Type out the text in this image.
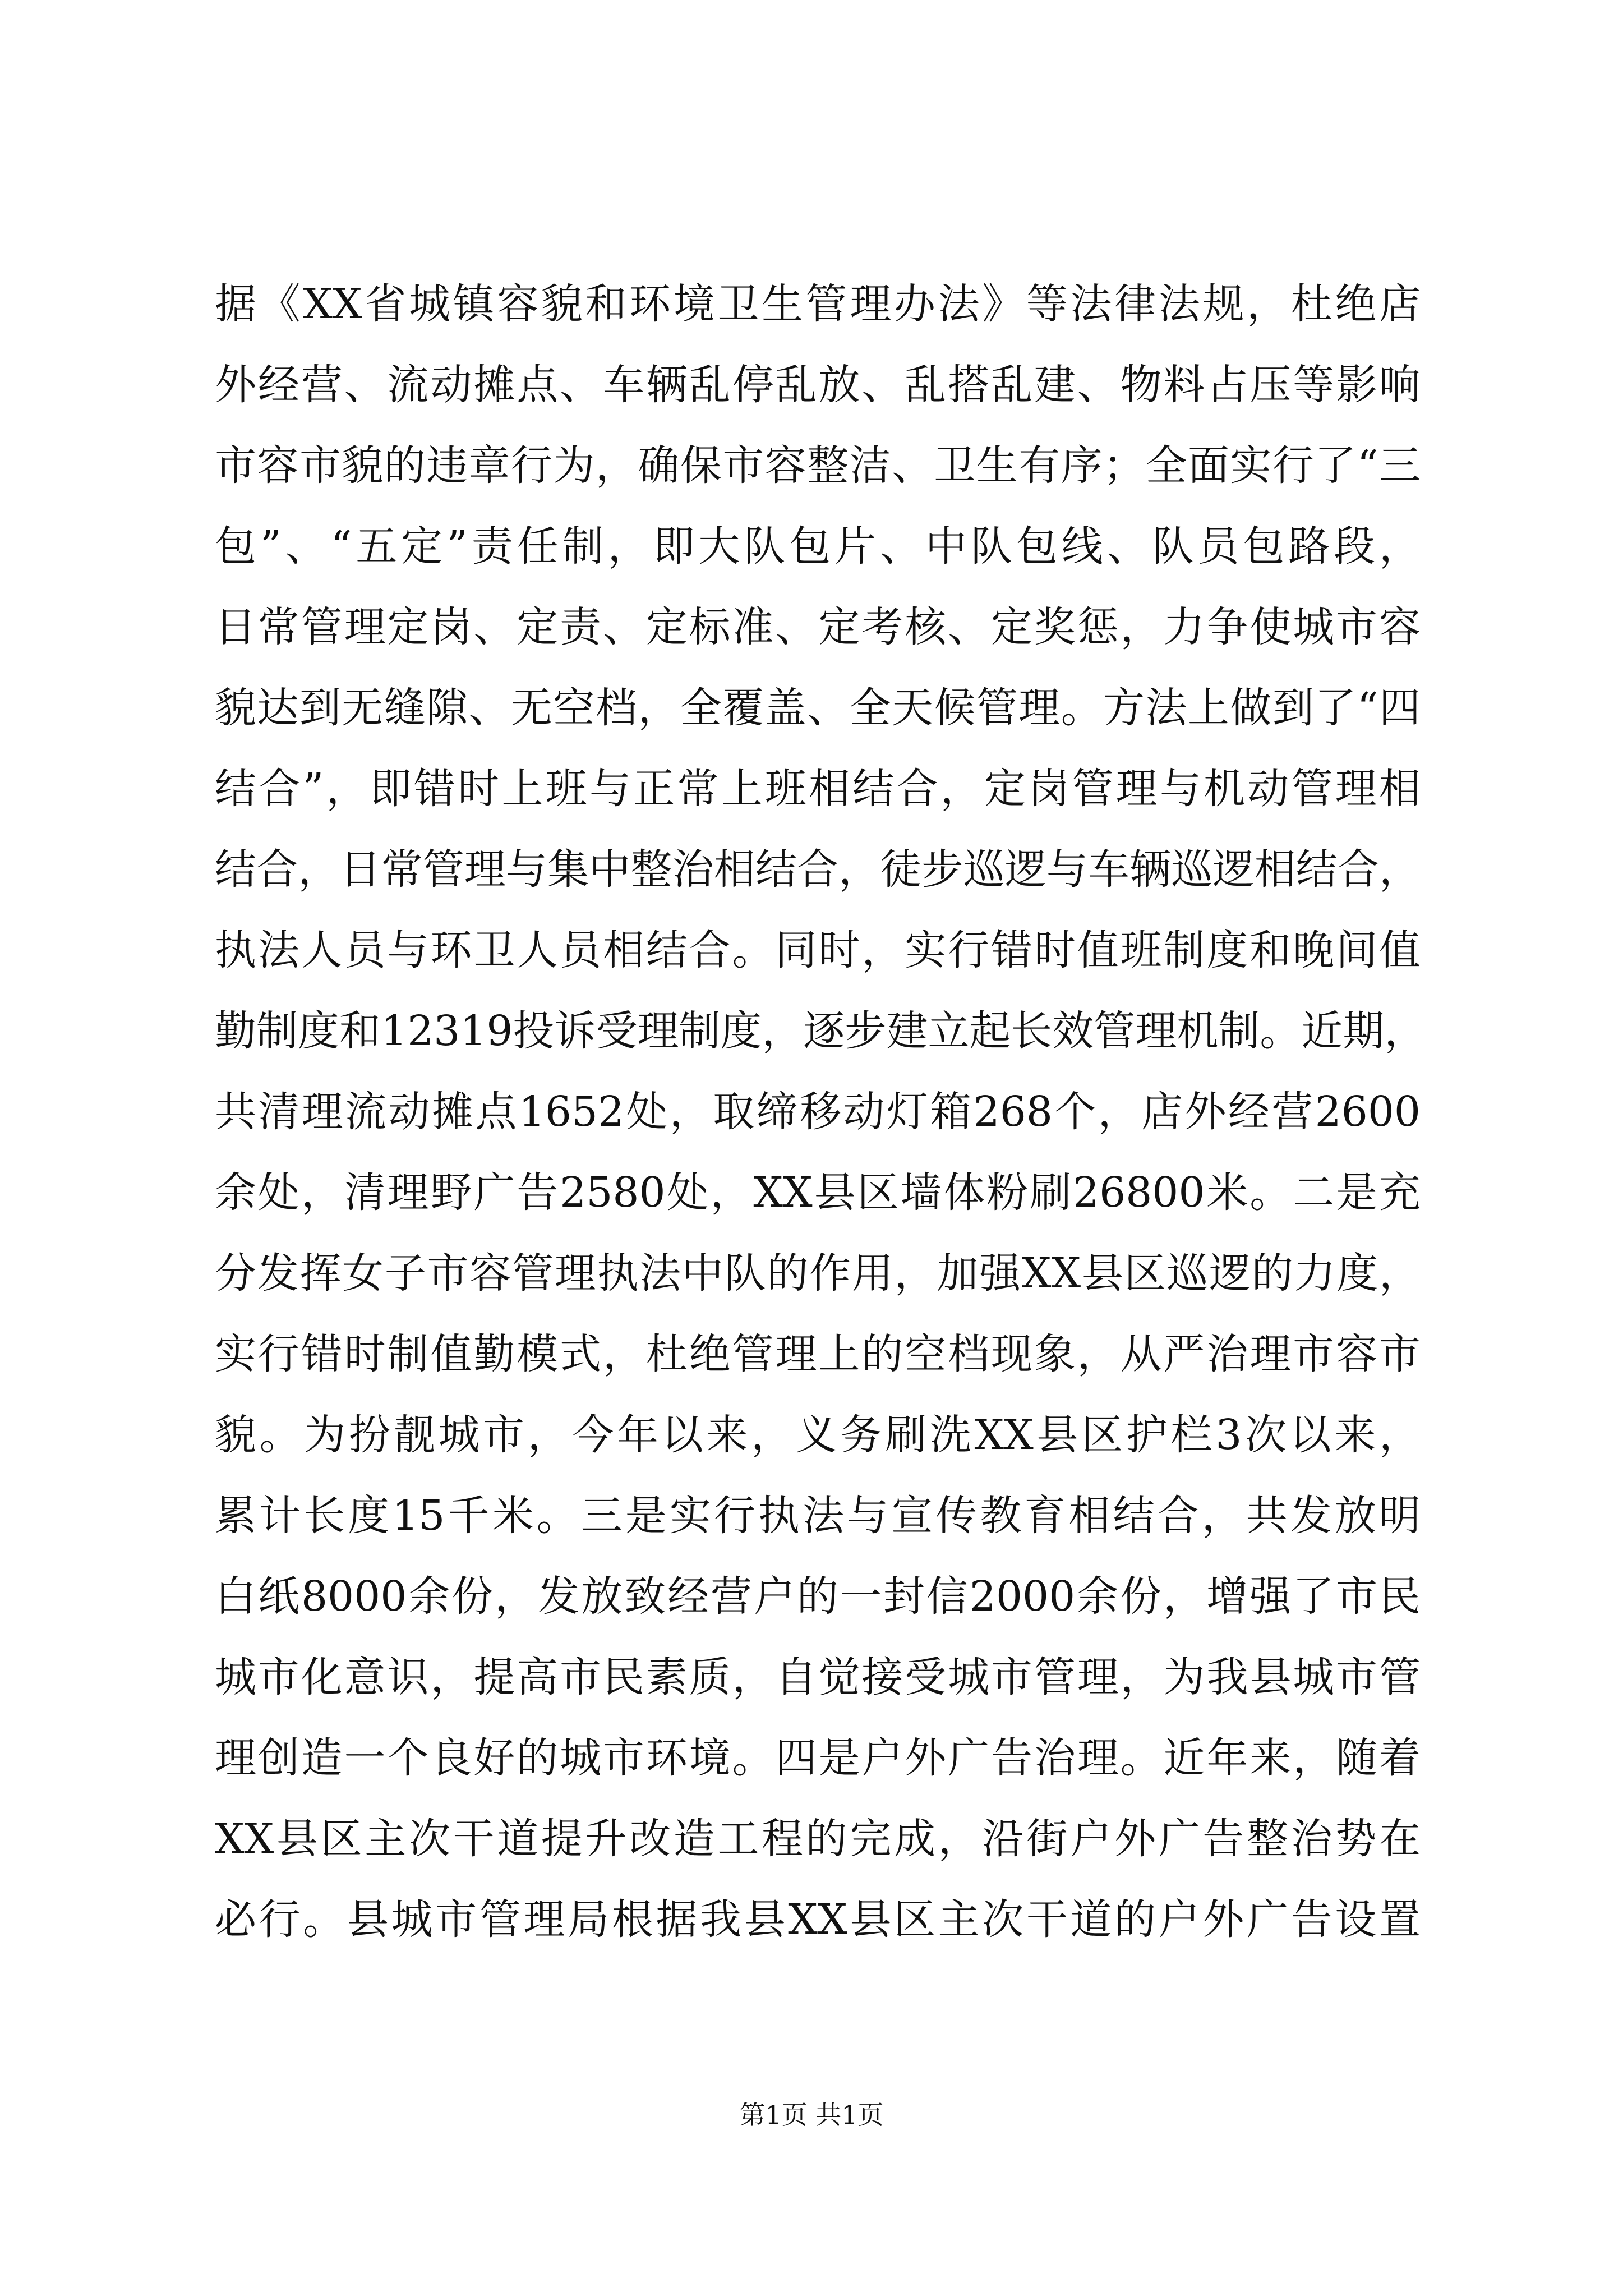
据《XX省城镇容貌和环境卫生管理办法》等法律法规，杜绝店
外经营、流动摊点、车辆乱停乱放、乱搭乱建、物料占压等影响
市容市貌的违章行为，确保市容整洁、卫生有序；全面实行了“三
包”、“五定”责任制，即大队包片、中队包线、队员包路段，
日常管理定岗、定责、定标准、定考核、定奖惩，力争使城市容
貌达到无缝隙、无空档，全覆盖、全天候管理。方法上做到了“四
结合”，即错时上班与正常上班相结合，定岗管理与机动管理相
结合，日常管理与集中整治相结合，徒步巡逻与车辆巡逻相结合，
执法人员与环卫人员相结合。同时，实行错时值班制度和晚间值
勤制度和12319投诉受理制度，逐步建立起长效管理机制。近期，
共清理流动摊点1652处，取缔移动灯箱268个，店外经营2600
余处，清理野广告2580处，XX县区墙体粉刷26800米。二是充
分发挥女子市容管理执法中队的作用，加强XX县区巡逻的力度，
实行错时制值勤模式，杜绝管理上的空档现象，从严治理市容市
貌。为扮靓城市，今年以来，义务刷洗XX县区护栏3次以来，
累计长度15千米。三是实行执法与宣传教育相结合，共发放明
白纸8000余份，发放致经营户的一封信2000余份，增强了市民
城市化意识，提高市民素质，自觉接受城市管理，为我县城市管
理创造一个良好的城市环境。四是户外广告治理。近年来，随着
XX县区主次干道提升改造工程的完成，沿街户外广告整治势在
必行。县城市管理局根据我县XX县区主次干道的户外广告设置
第1页 共1页
